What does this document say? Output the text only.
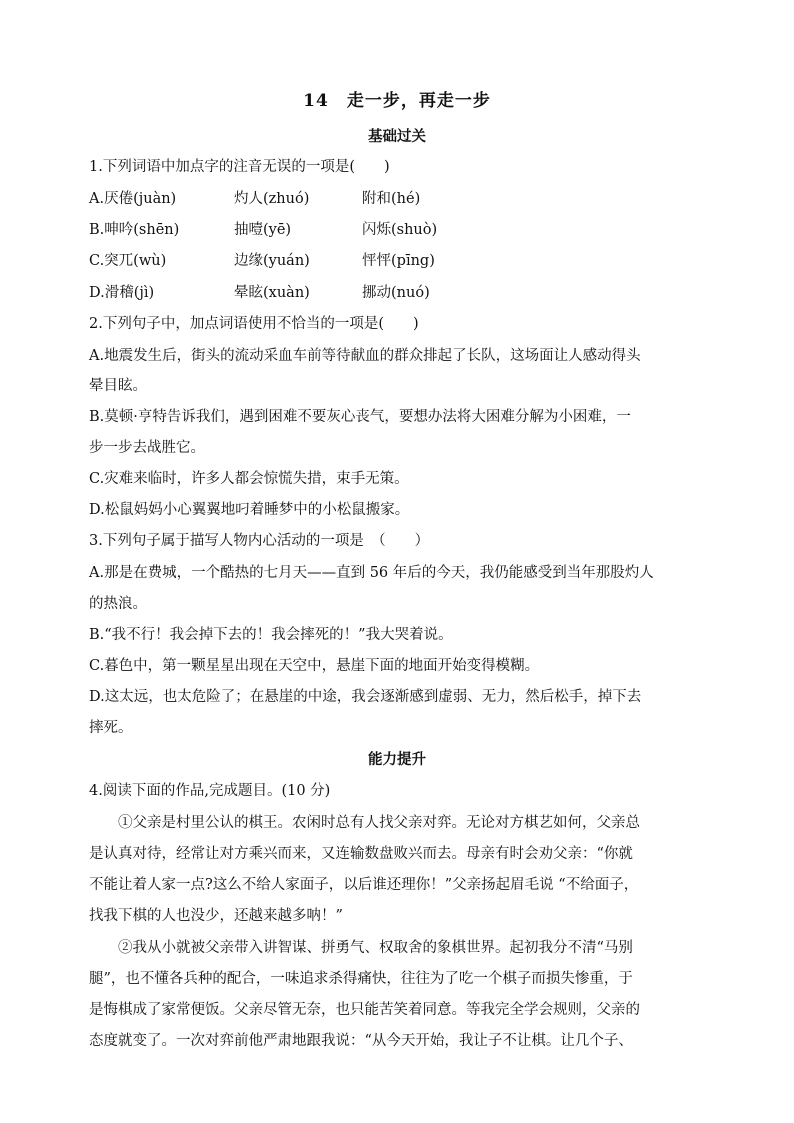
14　走一步，再走一步
基础过关
1.下列词语中加点字的注音无误的一项是(　　)
A.厌倦(juàn)	灼人(zhuó)	附和(hé)
B.呻吟(shēn)	抽噎(yē)	闪烁(shuò)
C.突兀(wù)	边缘(yuán)	怦怦(pīng)
D.滑稽(jì)	晕眩(xuàn)	挪动(nuó)
2.下列句子中，加点词语使用不恰当的一项是(　　)
A.地震发生后，街头的流动采血车前等待献血的群众排起了长队，这场面让人感动得头
晕目眩。
B.莫顿·亨特告诉我们，遇到困难不要灰心丧气，要想办法将大困难分解为小困难，一
步一步去战胜它。
C.灾难来临时，许多人都会惊慌失措，束手无策。
D.松鼠妈妈小心翼翼地叼着睡梦中的小松鼠搬家。
3.下列句子属于描写人物内心活动的一项是　（　　）
A.那是在费城，一个酷热的七月天——直到 56 年后的今天，我仍能感受到当年那股灼人
的热浪。
B.“我不行！我会掉下去的！我会摔死的！”我大哭着说。
C.暮色中，第一颗星星出现在天空中，悬崖下面的地面开始变得模糊。
D.这太远，也太危险了；在悬崖的中途，我会逐渐感到虚弱、无力，然后松手，掉下去
摔死。
能力提升
4.阅读下面的作品,完成题目。(10 分)
①父亲是村里公认的棋王。农闲时总有人找父亲对弈。无论对方棋艺如何，父亲总
是认真对待，经常让对方乘兴而来，又连输数盘败兴而去。母亲有时会劝父亲：“你就
不能让着人家一点?这么不给人家面子，以后谁还理你！”父亲扬起眉毛说 “不给面子，
找我下棋的人也没少，还越来越多呐！”
②我从小就被父亲带入讲智谋、拼勇气、权取舍的象棋世界。起初我分不清“马别
腿”，也不懂各兵种的配合，一味追求杀得痛快，往往为了吃一个棋子而损失惨重，于
是悔棋成了家常便饭。父亲尽管无奈，也只能苦笑着同意。等我完全学会规则，父亲的
态度就变了。一次对弈前他严肃地跟我说：“从今天开始，我让子不让棋。让几个子、
